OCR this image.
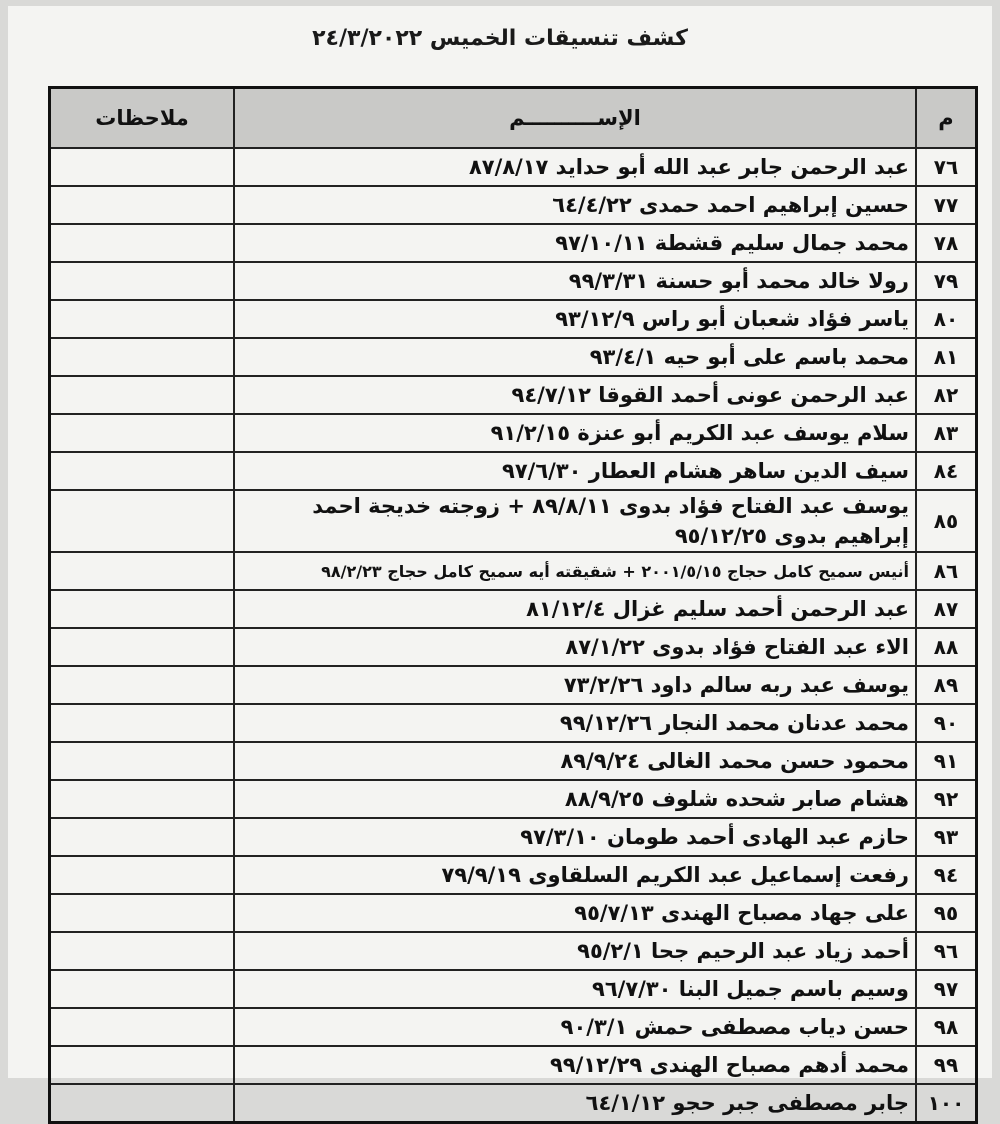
كشف تنسيقات الخميس ٢٤/٣/٢٠٢٢
م	الإســــــــــم	ملاحظات
٧٦	عبد الرحمن جابر عبد الله أبو حدايد ٨٧/٨/١٧	
٧٧	حسين إبراهيم احمد حمدى ٦٤/٤/٢٢	
٧٨	محمد جمال سليم قشطة ٩٧/١٠/١١	
٧٩	رولا خالد محمد أبو حسنة ٩٩/٣/٣١	
٨٠	ياسر فؤاد شعبان أبو راس ٩٣/١٢/٩	
٨١	محمد باسم على أبو حيه ٩٣/٤/١	
٨٢	عبد الرحمن عونى أحمد القوقا ٩٤/٧/١٢	
٨٣	سلام يوسف عبد الكريم أبو عنزة ٩١/٢/١٥	
٨٤	سيف الدين ساهر هشام العطار ٩٧/٦/٣٠	
٨٥	يوسف عبد الفتاح فؤاد بدوى ٨٩/٨/١١ + زوجته خديجة احمد إبراهيم بدوى ٩٥/١٢/٢٥	
٨٦	أنيس سميح كامل حجاج ٢٠٠١/٥/١٥ + شقيقته أيه سميح كامل حجاج ٩٨/٢/٢٣	
٨٧	عبد الرحمن أحمد سليم غزال ٨١/١٢/٤	
٨٨	الاء عبد الفتاح فؤاد بدوى ٨٧/١/٢٢	
٨٩	يوسف عبد ربه سالم داود ٧٣/٢/٢٦	
٩٠	محمد عدنان محمد النجار ٩٩/١٢/٢٦	
٩١	محمود حسن محمد الغالى ٨٩/٩/٢٤	
٩٢	هشام صابر شحده شلوف ٨٨/٩/٢٥	
٩٣	حازم عبد الهادى أحمد طومان ٩٧/٣/١٠	
٩٤	رفعت إسماعيل عبد الكريم السلقاوى ٧٩/٩/١٩	
٩٥	على جهاد مصباح الهندى ٩٥/٧/١٣	
٩٦	أحمد زياد عبد الرحيم جحا ٩٥/٢/١	
٩٧	وسيم باسم جميل البنا ٩٦/٧/٣٠	
٩٨	حسن دياب مصطفى حمش ٩٠/٣/١	
٩٩	محمد أدهم مصباح الهندى ٩٩/١٢/٢٩	
١٠٠	جابر مصطفى جبر حجو ٦٤/١/١٢	
